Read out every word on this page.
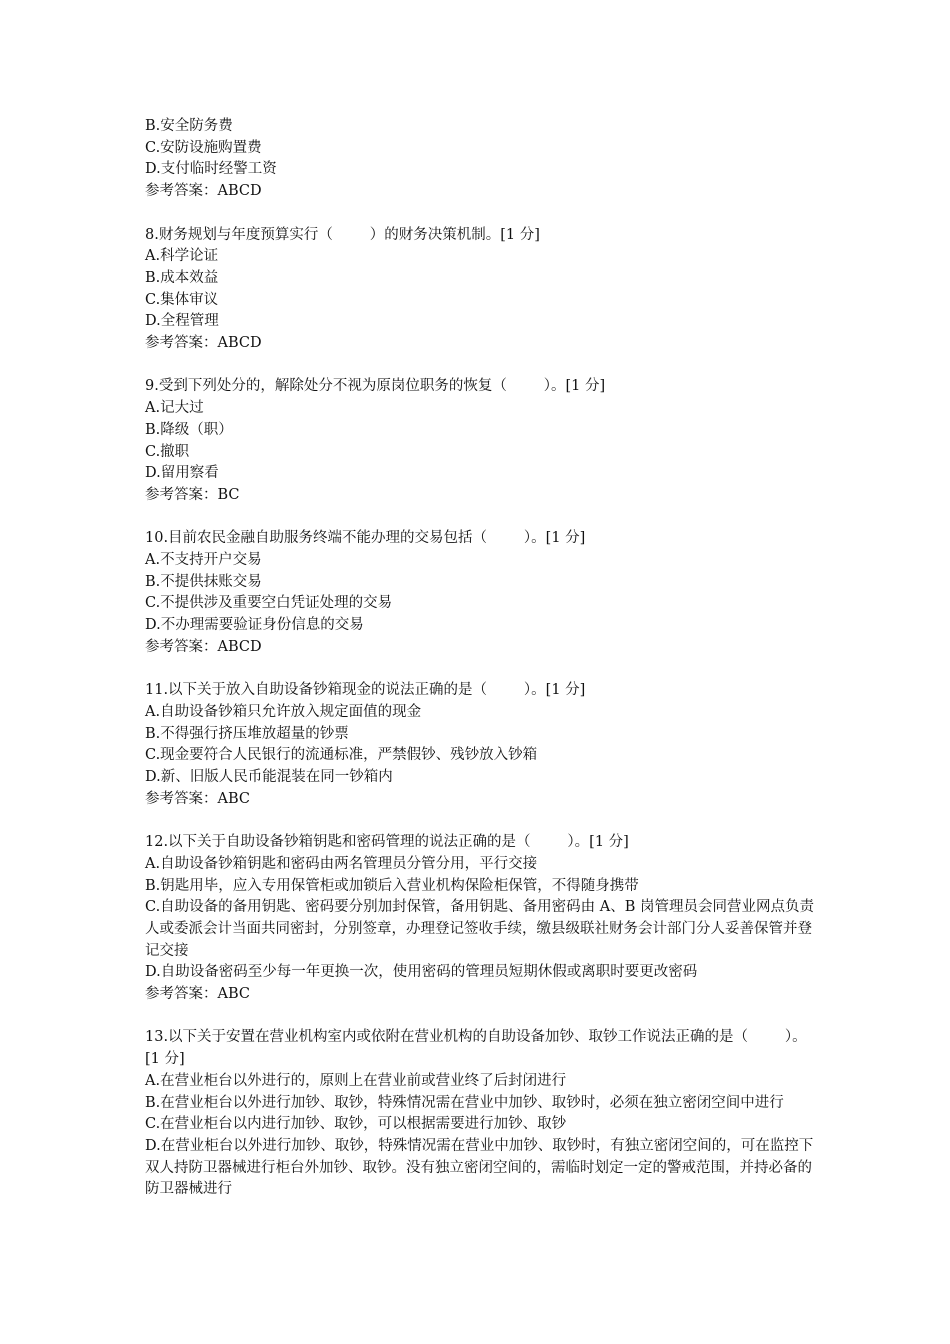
B.安全防务费
C.安防设施购置费
D.支付临时经警工资
参考答案：ABCD
8.财务规划与年度预算实行（        ）的财务决策机制。[1 分]
A.科学论证
B.成本效益
C.集体审议
D.全程管理
参考答案：ABCD
9.受到下列处分的，解除处分不视为原岗位职务的恢复（        ）。[1 分]
A.记大过
B.降级（职）
C.撤职
D.留用察看
参考答案：BC
10.目前农民金融自助服务终端不能办理的交易包括（        ）。[1 分]
A.不支持开户交易
B.不提供抹账交易
C.不提供涉及重要空白凭证处理的交易
D.不办理需要验证身份信息的交易
参考答案：ABCD
11.以下关于放入自助设备钞箱现金的说法正确的是（        ）。[1 分]
A.自助设备钞箱只允许放入规定面值的现金
B.不得强行挤压堆放超量的钞票
C.现金要符合人民银行的流通标准，严禁假钞、残钞放入钞箱
D.新、旧版人民币能混装在同一钞箱内
参考答案：ABC
12.以下关于自助设备钞箱钥匙和密码管理的说法正确的是（        ）。[1 分]
A.自助设备钞箱钥匙和密码由两名管理员分管分用，平行交接
B.钥匙用毕，应入专用保管柜或加锁后入营业机构保险柜保管，不得随身携带
C.自助设备的备用钥匙、密码要分别加封保管，备用钥匙、备用密码由 A、B 岗管理员会同营业网点负责人或委派会计当面共同密封，分别签章，办理登记签收手续，缴县级联社财务会计部门分人妥善保管并登记交接
D.自助设备密码至少每一年更换一次，使用密码的管理员短期休假或离职时要更改密码
参考答案：ABC
13.以下关于安置在营业机构室内或依附在营业机构的自助设备加钞、取钞工作说法正确的是（        ）。[1 分]
A.在营业柜台以外进行的，原则上在营业前或营业终了后封闭进行
B.在营业柜台以外进行加钞、取钞，特殊情况需在营业中加钞、取钞时，必须在独立密闭空间中进行
C.在营业柜台以内进行加钞、取钞，可以根据需要进行加钞、取钞
D.在营业柜台以外进行加钞、取钞，特殊情况需在营业中加钞、取钞时，有独立密闭空间的，可在监控下双人持防卫器械进行柜台外加钞、取钞。没有独立密闭空间的，需临时划定一定的警戒范围，并持必备的防卫器械进行
